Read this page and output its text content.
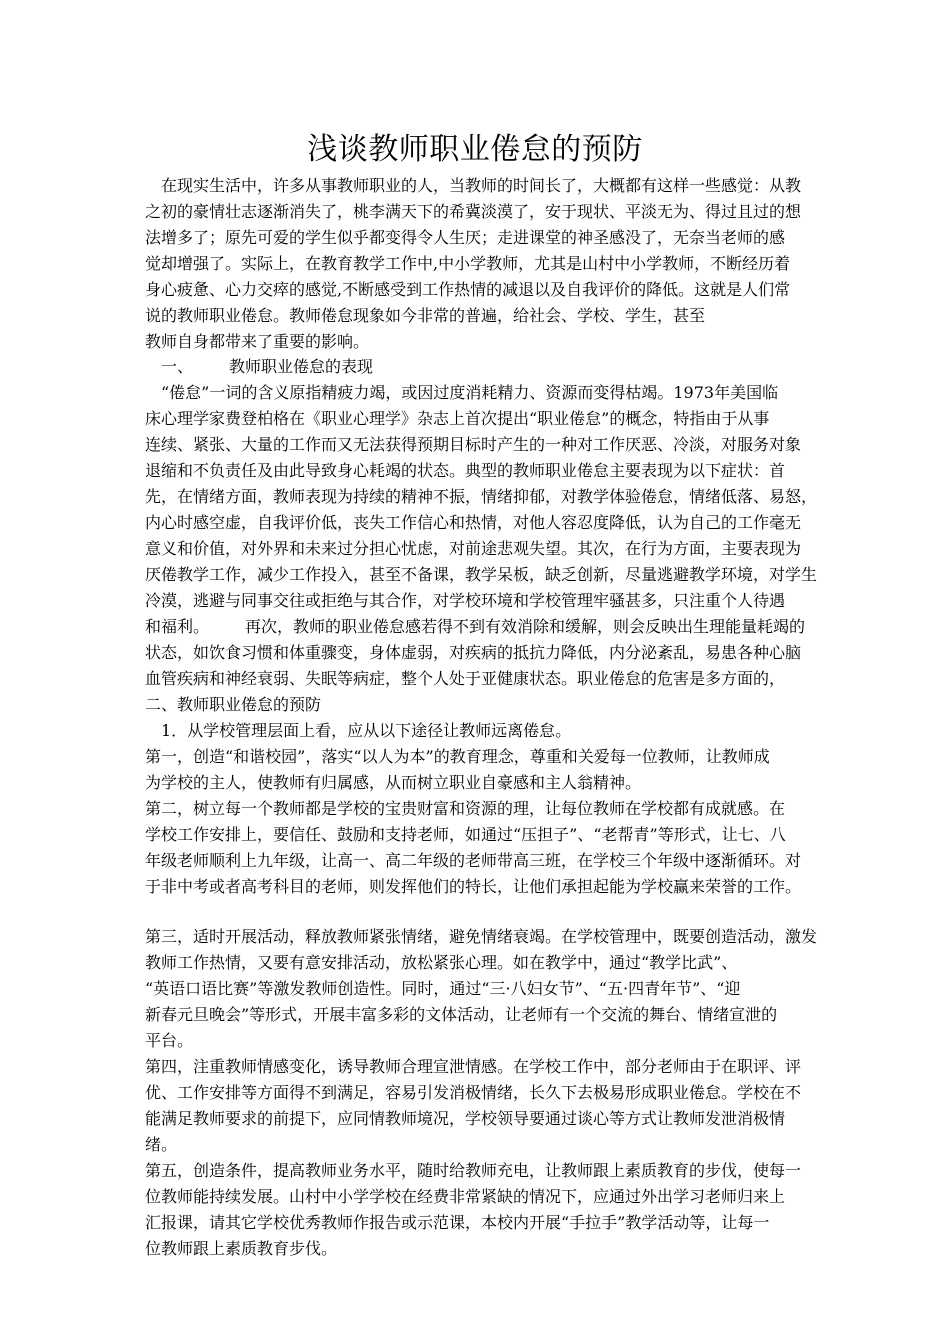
浅谈教师职业倦怠的预防

　在现实生活中，许多从事教师职业的人，当教师的时间长了，大概都有这样一些感觉：从教

之初的豪情壮志逐渐消失了，桃李满天下的希冀淡漠了，安于现状、平淡无为、得过且过的想

法增多了；原先可爱的学生似乎都变得令人生厌；走进课堂的神圣感没了，无奈当老师的感

觉却增强了。实际上，在教育教学工作中,中小学教师，尤其是山村中小学教师，不断经历着

身心疲惫、心力交瘁的感觉,不断感受到工作热情的减退以及自我评价的降低。这就是人们常

说的教师职业倦怠。教师倦怠现象如今非常的普遍，给社会、学校、学生，甚至

教师自身都带来了重要的影响。

　一、 教师职业倦怠的表现

　“倦怠”一词的含义原指精疲力竭，或因过度消耗精力、资源而变得枯竭。1973年美国临

床心理学家费登柏格在《职业心理学》杂志上首次提出“职业倦怠”的概念，特指由于从事

连续、紧张、大量的工作而又无法获得预期目标时产生的一种对工作厌恶、冷淡，对服务对象

退缩和不负责任及由此导致身心耗竭的状态。典型的教师职业倦怠主要表现为以下症状：首

先，在情绪方面，教师表现为持续的精神不振，情绪抑郁，对教学体验倦怠，情绪低落、易怒，

内心时感空虚，自我评价低，丧失工作信心和热情，对他人容忍度降低，认为自己的工作毫无

意义和价值，对外界和未来过分担心忧虑，对前途悲观失望。其次，在行为方面，主要表现为

厌倦教学工作，减少工作投入，甚至不备课，教学呆板，缺乏创新，尽量逃避教学环境，对学生

冷漠，逃避与同事交往或拒绝与其合作，对学校环境和学校管理牢骚甚多，只注重个人待遇

和福利。 再次，教师的职业倦怠感若得不到有效消除和缓解，则会反映出生理能量耗竭的

状态，如饮食习惯和体重骤变，身体虚弱，对疾病的抵抗力降低，内分泌紊乱，易患各种心脑

血管疾病和神经衰弱、失眠等病症，整个人处于亚健康状态。职业倦怠的危害是多方面的，

二、教师职业倦怠的预防

　1．从学校管理层面上看，应从以下途径让教师远离倦怠。

第一，创造“和谐校园”，落实“以人为本”的教育理念，尊重和关爱每一位教师，让教师成

为学校的主人，使教师有归属感，从而树立职业自豪感和主人翁精神。

第二，树立每一个教师都是学校的宝贵财富和资源的理，让每位教师在学校都有成就感。在

学校工作安排上，要信任、鼓励和支持老师，如通过“压担子”、“老帮青”等形式，让七、八

年级老师顺利上九年级，让高一、高二年级的老师带高三班，在学校三个年级中逐渐循环。对

于非中考或者高考科目的老师，则发挥他们的特长，让他们承担起能为学校赢来荣誉的工作。

第三，适时开展活动，释放教师紧张情绪，避免情绪衰竭。在学校管理中，既要创造活动，激发

教师工作热情，又要有意安排活动，放松紧张心理。如在教学中，通过“教学比武”、

“英语口语比赛”等激发教师创造性。同时，通过“三·八妇女节”、“五·四青年节”、“迎

新春元旦晚会”等形式，开展丰富多彩的文体活动，让老师有一个交流的舞台、情绪宣泄的

平台。

第四，注重教师情感变化，诱导教师合理宣泄情感。在学校工作中，部分老师由于在职评、评

优、工作安排等方面得不到满足，容易引发消极情绪，长久下去极易形成职业倦怠。学校在不

能满足教师要求的前提下，应同情教师境况，学校领导要通过谈心等方式让教师发泄消极情

绪。

第五，创造条件，提高教师业务水平，随时给教师充电，让教师跟上素质教育的步伐，使每一

位教师能持续发展。山村中小学学校在经费非常紧缺的情况下，应通过外出学习老师归来上

汇报课，请其它学校优秀教师作报告或示范课，本校内开展“手拉手”教学活动等，让每一

位教师跟上素质教育步伐。
